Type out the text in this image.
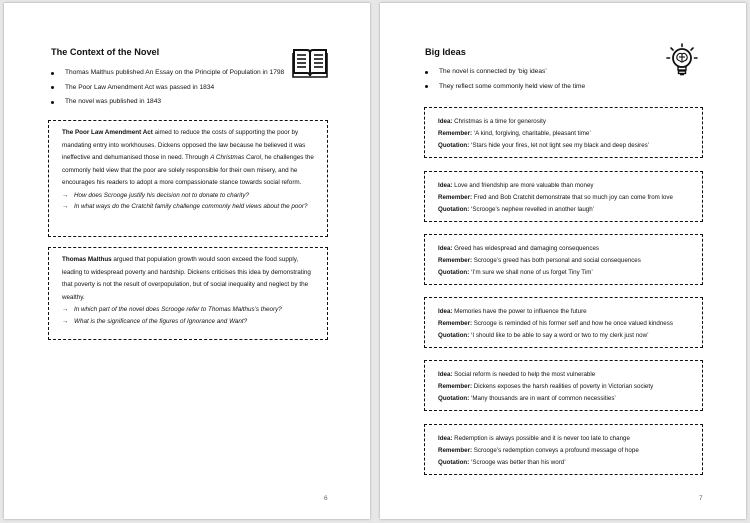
The Context of the Novel
Thomas Malthus published An Essay on the Principle of Population in 1798
The Poor Law Amendment Act was passed in 1834
The novel was published in 1843

The Poor Law Amendment Act aimed to reduce the costs of supporting the poor by mandating entry into workhouses. Dickens opposed the law because he believed it was ineffective and dehumanised those in need. Through A Christmas Carol, he challenges the commonly held view that the poor are solely responsible for their own misery, and he encourages his readers to adopt a more compassionate stance towards social reform.

→ How does Scrooge justify his decision not to donate to charity?

→ In what ways do the Cratchit family challenge commonly held views about the poor?

Thomas Malthus argued that population growth would soon exceed the food supply, leading to widespread poverty and hardship. Dickens criticises this idea by demonstrating that poverty is not the result of overpopulation, but of social inequality and neglect by the wealthy.

→ In which part of the novel does Scrooge refer to Thomas Malthus’s theory?

→ What is the significance of the figures of Ignorance and Want?

6
Big Ideas
The novel is connected by ‘big ideas’
They reflect some commonly held view of the time
Idea: Christmas is a time for generosity
Remember: ‘A kind, forgiving, charitable, pleasant time’
Quotation: ‘Stars hide your fires, let not light see my black and deep desires’
Idea: Love and friendship are more valuable than money
Remember: Fred and Bob Cratchit demonstrate that so much joy can come from love
Quotation: ‘Scrooge’s nephew revelled in another laugh’
Idea: Greed has widespread and damaging consequences
Remember: Scrooge’s greed has both personal and social consequences
Quotation: ‘I’m sure we shall none of us forget Tiny Tim’
Idea: Memories have the power to influence the future
Remember: Scrooge is reminded of his former self and how he once valued kindness
Quotation: ‘I should like to be able to say a word or two to my clerk just now’
Idea: Social reform is needed to help the most vulnerable
Remember: Dickens exposes the harsh realities of poverty in Victorian society
Quotation: ‘Many thousands are in want of common necessities’
Idea: Redemption is always possible and it is never too late to change
Remember: Scrooge’s redemption conveys a profound message of hope
Quotation: ‘Scrooge was better than his word’
7
